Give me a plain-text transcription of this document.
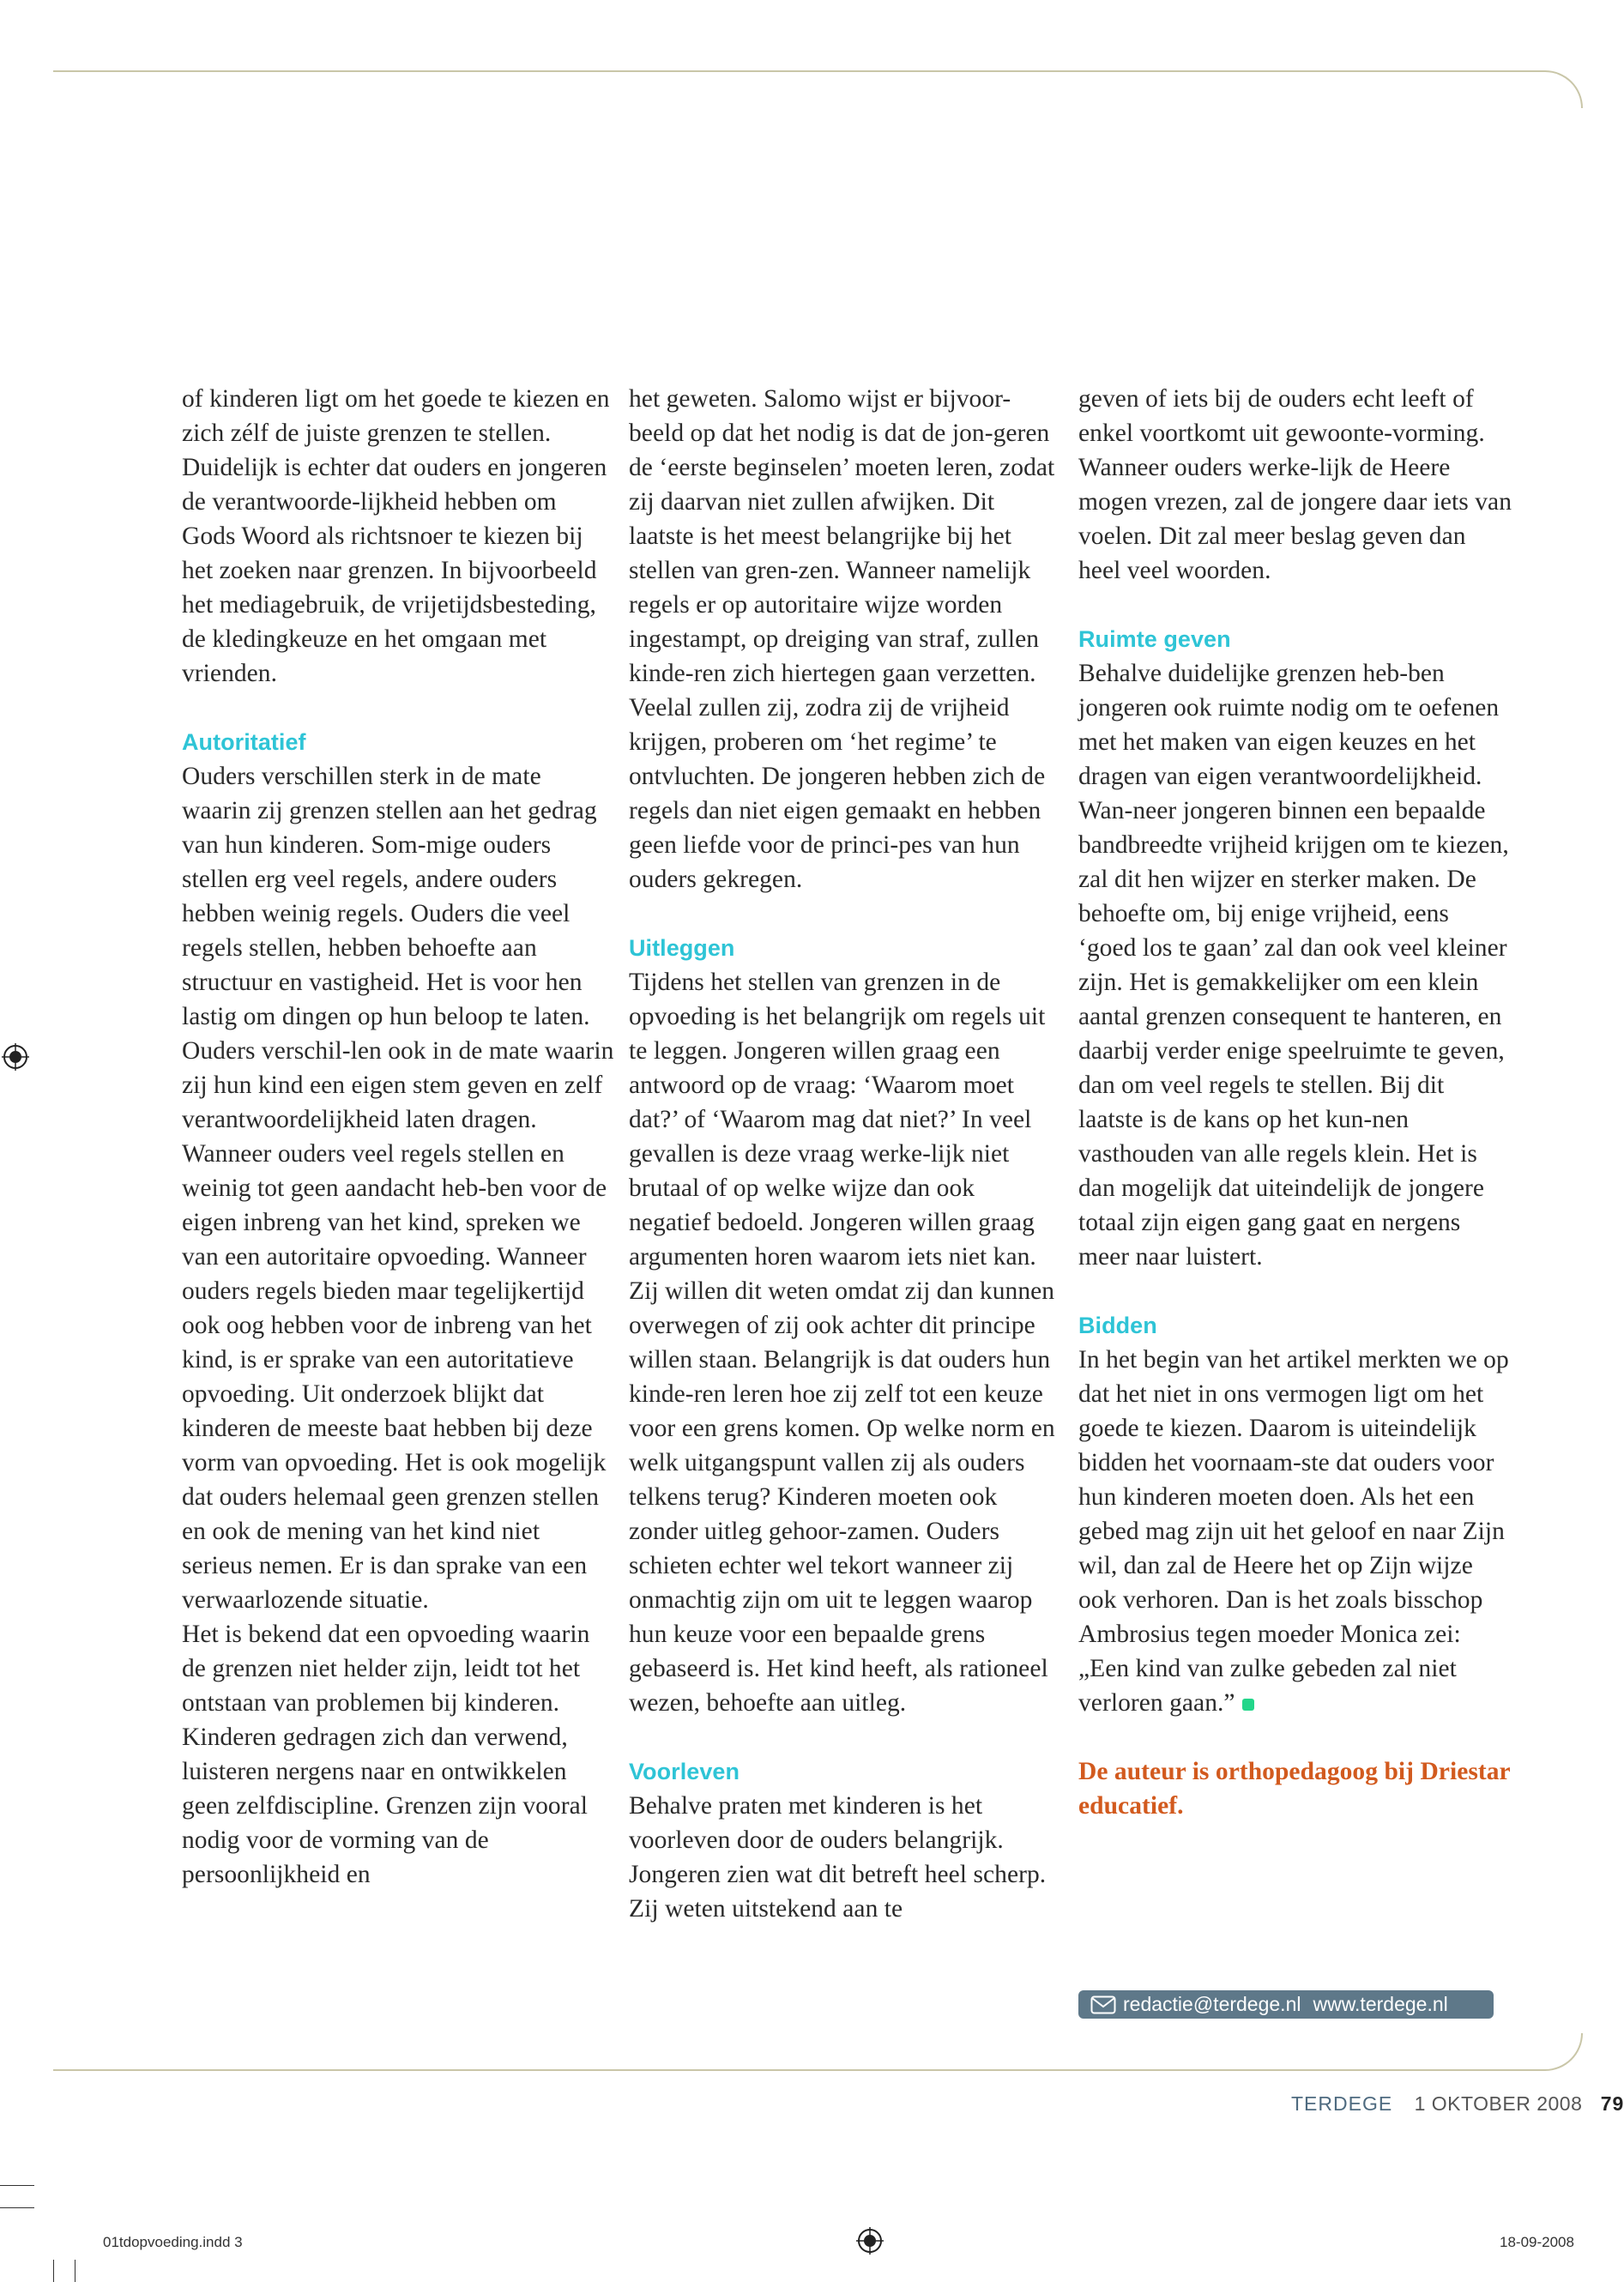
of kinderen ligt om het goede te kiezen en zich zélf de juiste grenzen te stellen. Duidelijk is echter dat ouders en jongeren de verantwoorde-lijkheid hebben om Gods Woord als richtsnoer te kiezen bij het zoeken naar grenzen. In bijvoorbeeld het mediagebruik, de vrijetijdsbesteding, de kledingkeuze en het omgaan met vrienden.

Autoritatief

Ouders verschillen sterk in de mate waarin zij grenzen stellen aan het gedrag van hun kinderen. Som-mige ouders stellen erg veel regels, andere ouders hebben weinig regels. Ouders die veel regels stellen, hebben behoefte aan structuur en vastigheid. Het is voor hen lastig om dingen op hun beloop te laten. Ouders verschil-len ook in de mate waarin zij hun kind een eigen stem geven en zelf verantwoordelijkheid laten dragen. Wanneer ouders veel regels stellen en weinig tot geen aandacht heb-ben voor de eigen inbreng van het kind, spreken we van een autoritaire opvoeding. Wanneer ouders regels bieden maar tegelijkertijd ook oog hebben voor de inbreng van het kind, is er sprake van een autoritatieve opvoeding. Uit onderzoek blijkt dat kinderen de meeste baat hebben bij deze vorm van opvoeding. Het is ook mogelijk dat ouders helemaal geen grenzen stellen en ook de mening van het kind niet serieus nemen. Er is dan sprake van een verwaarlozende situatie.

Het is bekend dat een opvoeding waarin de grenzen niet helder zijn, leidt tot het ontstaan van problemen bij kinderen. Kinderen gedragen zich dan verwend, luisteren nergens naar en ontwikkelen geen zelfdiscipline. Grenzen zijn vooral nodig voor de vorming van de persoonlijkheid en

het geweten. Salomo wijst er bijvoor-beeld op dat het nodig is dat de jon-geren de ‘eerste beginselen’ moeten leren, zodat zij daarvan niet zullen afwijken. Dit laatste is het meest belangrijke bij het stellen van gren-zen. Wanneer namelijk regels er op autoritaire wijze worden ingestampt, op dreiging van straf, zullen kinde-ren zich hiertegen gaan verzetten. Veelal zullen zij, zodra zij de vrijheid krijgen, proberen om ‘het regime’ te ontvluchten. De jongeren hebben zich de regels dan niet eigen gemaakt en hebben geen liefde voor de princi-pes van hun ouders gekregen.

Uitleggen

Tijdens het stellen van grenzen in de opvoeding is het belangrijk om regels uit te leggen. Jongeren willen graag een antwoord op de vraag: ‘Waarom moet dat?’ of ‘Waarom mag dat niet?’ In veel gevallen is deze vraag werke-lijk niet brutaal of op welke wijze dan ook negatief bedoeld. Jongeren willen graag argumenten horen waarom iets niet kan. Zij willen dit weten omdat zij dan kunnen overwegen of zij ook achter dit principe willen staan. Belangrijk is dat ouders hun kinde-ren leren hoe zij zelf tot een keuze voor een grens komen. Op welke norm en welk uitgangspunt vallen zij als ouders telkens terug? Kinderen moeten ook zonder uitleg gehoor-zamen. Ouders schieten echter wel tekort wanneer zij onmachtig zijn om uit te leggen waarop hun keuze voor een bepaalde grens gebaseerd is. Het kind heeft, als rationeel wezen, behoefte aan uitleg.

Voorleven

Behalve praten met kinderen is het voorleven door de ouders belangrijk. Jongeren zien wat dit betreft heel scherp. Zij weten uitstekend aan te

geven of iets bij de ouders echt leeft of enkel voortkomt uit gewoonte-vorming. Wanneer ouders werke-lijk de Heere mogen vrezen, zal de jongere daar iets van voelen. Dit zal meer beslag geven dan heel veel woorden.

Ruimte geven

Behalve duidelijke grenzen heb-ben jongeren ook ruimte nodig om te oefenen met het maken van eigen keuzes en het dragen van eigen verantwoordelijkheid. Wan-neer jongeren binnen een bepaalde bandbreedte vrijheid krijgen om te kiezen, zal dit hen wijzer en sterker maken. De behoefte om, bij enige vrijheid, eens ‘goed los te gaan’ zal dan ook veel kleiner zijn. Het is gemakkelijker om een klein aantal grenzen consequent te hanteren, en daarbij verder enige speelruimte te geven, dan om veel regels te stellen. Bij dit laatste is de kans op het kun-nen vasthouden van alle regels klein. Het is dan mogelijk dat uiteindelijk de jongere totaal zijn eigen gang gaat en nergens meer naar luistert.

Bidden

In het begin van het artikel merkten we op dat het niet in ons vermogen ligt om het goede te kiezen. Daarom is uiteindelijk bidden het voornaam-ste dat ouders voor hun kinderen moeten doen. Als het een gebed mag zijn uit het geloof en naar Zijn wil, dan zal de Heere het op Zijn wijze ook verhoren. Dan is het zoals bisschop Ambrosius tegen moeder Monica zei: „Een kind van zulke gebeden zal niet verloren gaan.”

De auteur is orthopedagoog bij Driestar educatief.

redactie@terdege.nl www.terdege.nl
TERDEGE 1 OKTOBER 2008 79
01tdopvoeding.indd 3	18-09-2008
